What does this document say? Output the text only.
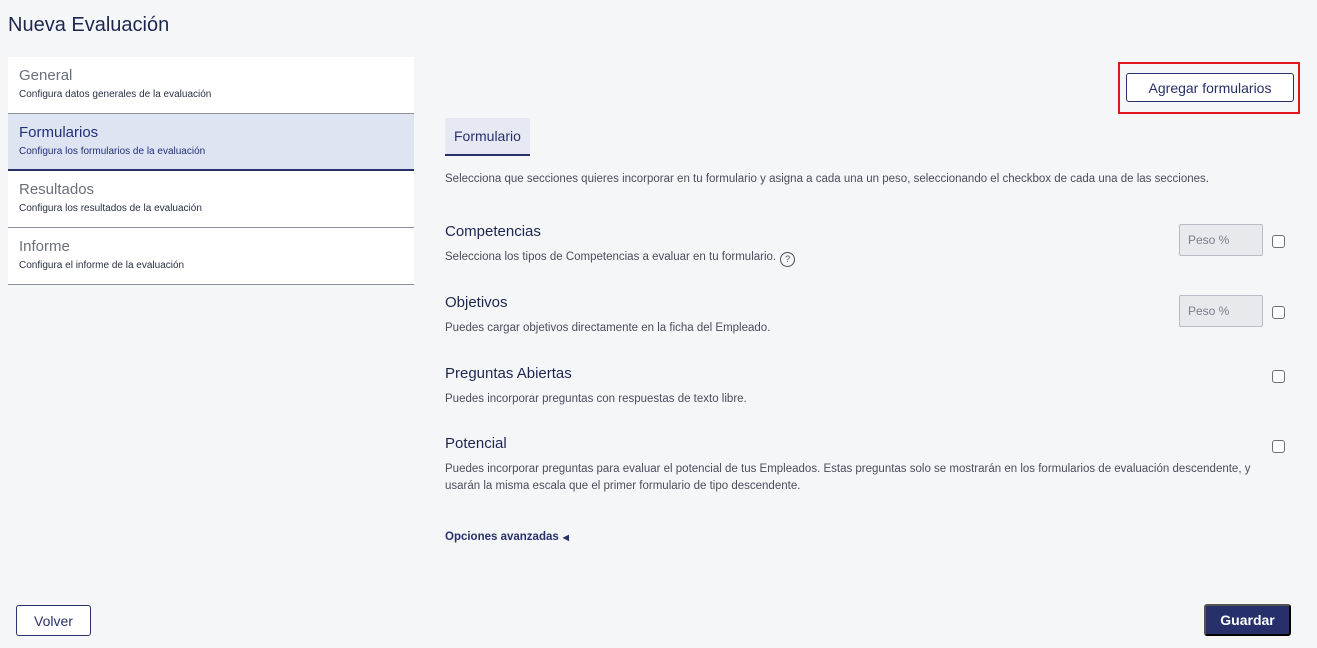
Nueva Evaluación
General
Configura datos generales de la evaluación
Formularios
Configura los formularios de la evaluación
Resultados
Configura los resultados de la evaluación
Informe
Configura el informe de la evaluación
Agregar formularios
Formulario

Selecciona que secciones quieres incorporar en tu formulario y asigna a cada una un peso, seleccionando el checkbox de cada una de las secciones.

Competencias
Selecciona los tipos de Competencias a evaluar en tu formulario. ?
Peso %
Objetivos
Puedes cargar objetivos directamente en la ficha del Empleado.
Peso %
Preguntas Abiertas
Puedes incorporar preguntas con respuestas de texto libre.
Potencial
Puedes incorporar preguntas para evaluar el potencial de tus Empleados. Estas preguntas solo se mostrarán en los formularios de evaluación descendente, y usarán la misma escala que el primer formulario de tipo descendente.
Opciones avanzadas ◀
Volver	Guardar
